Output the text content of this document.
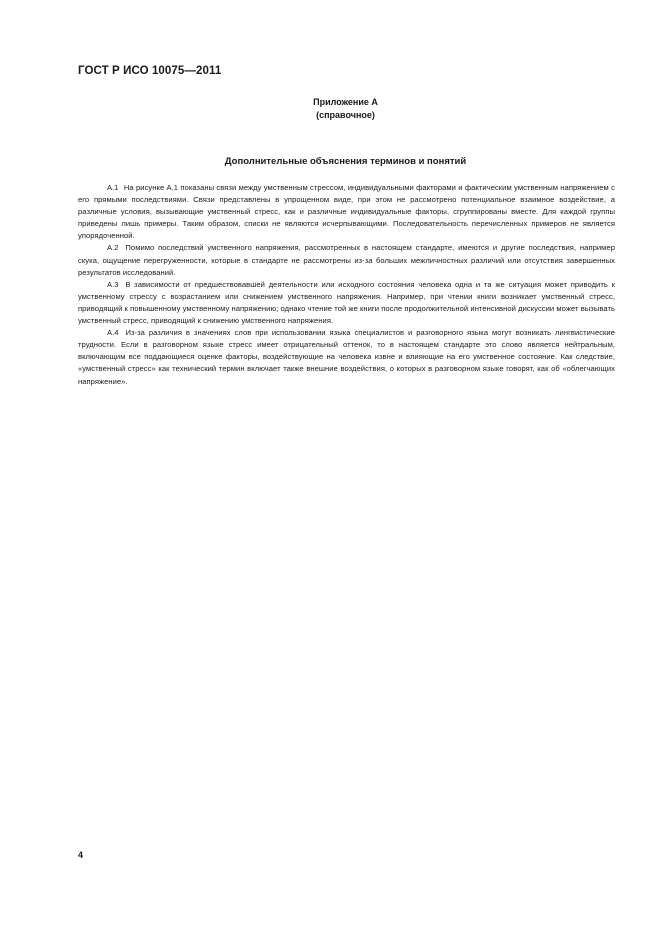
ГОСТ Р ИСО 10075—2011
Приложение А
(справочное)
Дополнительные объяснения терминов и понятий

А.1 На рисунке А.1 показаны связи между умственным стрессом, индивидуальными факторами и фактическим умственным напряжением с его прямыми последствиями. Связи представлены в упрощенном виде, при этом не рассмотрено потенциальное взаимное воздействие, а различные условия, вызывающие умственный стресс, как и различные индивидуальные факторы, сгруппированы вместе. Для каждой группы приведены лишь примеры. Таким образом, списки не являются исчерпывающими. Последовательность перечисленных примеров не является упорядоченной.

А.2 Помимо последствий умственного напряжения, рассмотренных в настоящем стандарте, имеются и другие последствия, например скука, ощущение перегруженности, которые в стандарте не рассмотрены из-за больших межличностных различий или отсутствия завершенных результатов исследований.

А.3 В зависимости от предшествовавшей деятельности или исходного состояния человека одна и та же ситуация может приводить к умственному стрессу с возрастанием или снижением умственного напряжения. Например, при чтении книги возникает умственный стресс, приводящий к повышенному умственному напряжению; однако чтение той же книги после продолжительной интенсивной дискуссии может вызывать умственный стресс, приводящий к снижению умственного напряжения.

А.4 Из-за различия в значениях слов при использовании языка специалистов и разговорного языка могут возникать лингвистические трудности. Если в разговорном языке стресс имеет отрицательный оттенок, то в настоящем стандарте это слово является нейтральным, включающим все поддающиеся оценке факторы, воздействующие на человека извне и влияющие на его умственное состояние. Как следствие, «умственный стресс» как технический термин включает также внешние воздействия, о которых в разговорном языке говорят, как об «облегчающих напряжение».

4
